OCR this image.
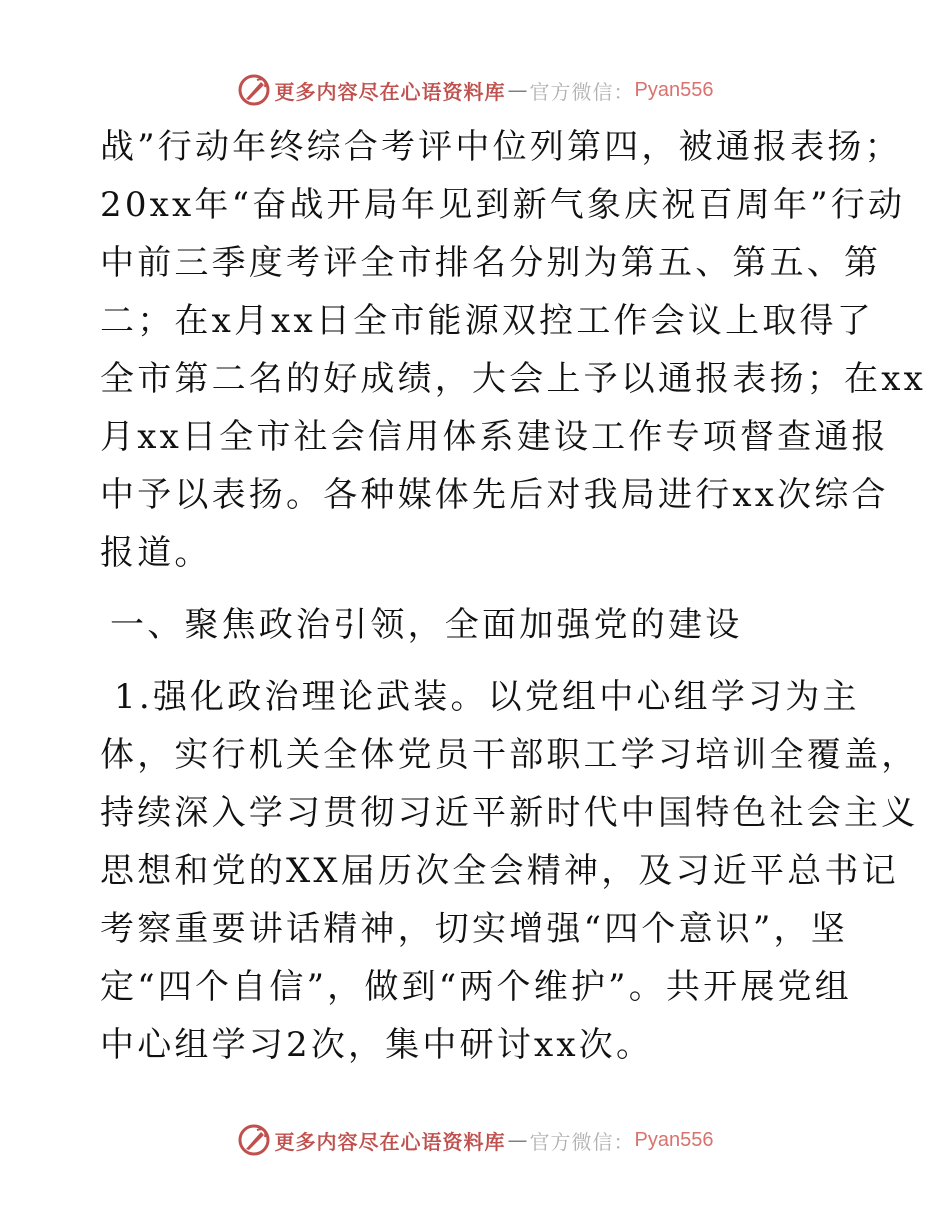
更多内容尽在心语资料库 — 官方微信： Pyan556
战”行动年终综合考评中位列第四，被通报表扬；
20xx年“奋战开局年见到新气象庆祝百周年”行动
中前三季度考评全市排名分别为第五、第五、第
二；在x月xx日全市能源双控工作会议上取得了
全市第二名的好成绩，大会上予以通报表扬；在xx
月xx日全市社会信用体系建设工作专项督查通报
中予以表扬。各种媒体先后对我局进行xx次综合
报道。
一、聚焦政治引领，全面加强党的建设
1.强化政治理论武装。以党组中心组学习为主
体，实行机关全体党员干部职工学习培训全覆盖，
持续深入学习贯彻习近平新时代中国特色社会主义
思想和党的XX届历次全会精神，及习近平总书记
考察重要讲话精神，切实增强“四个意识”，坚
定“四个自信”，做到“两个维护”。共开展党组
中心组学习2次，集中研讨xx次。
更多内容尽在心语资料库 — 官方微信： Pyan556
